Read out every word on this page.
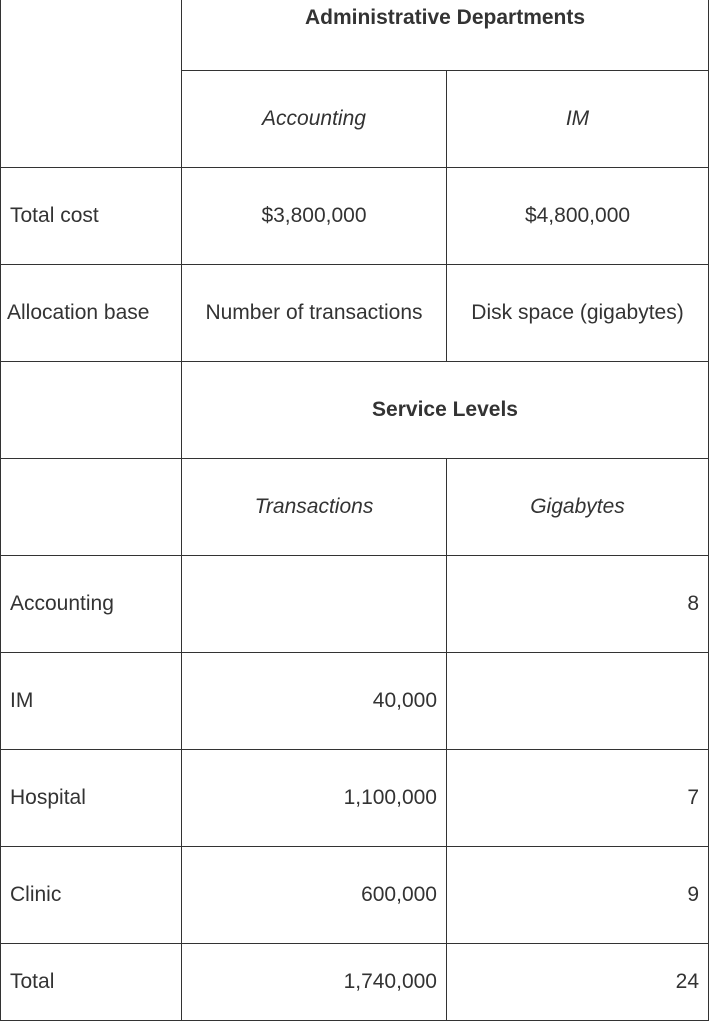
	Administrative Departments	
	Accounting	IM
Total cost	$3,800,000	$4,800,000
Allocation base	Number of transactions	Disk space (gigabytes)
	Service Levels	
	Transactions	Gigabytes
Accounting		8
IM	40,000	
Hospital	1,100,000	7
Clinic	600,000	9
Total	1,740,000	24
